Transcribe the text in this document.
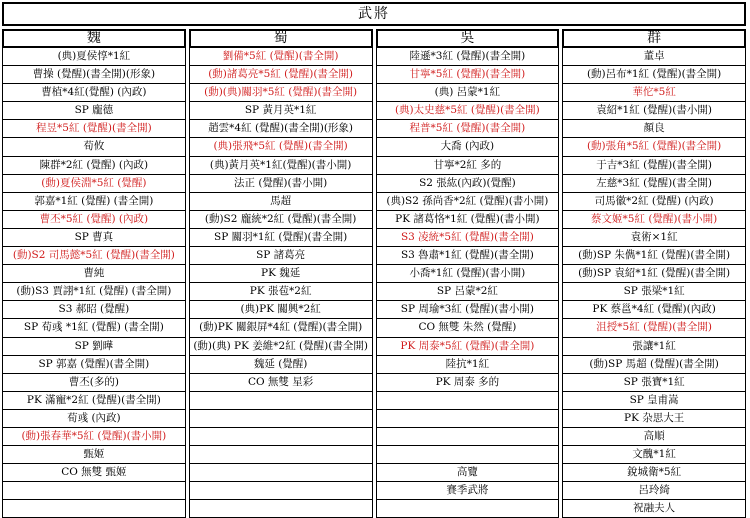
武將
魏
(典)夏侯惇*1紅
曹操 (覺醒)(書全開)(形象)
曹植*4紅(覺醒) (內政)
SP 龐德
程昱*5紅 (覺醒)(書全開)
荀攸
陳群*2紅 (覺醒) (內政)
(動)夏侯淵*5紅 (覺醒)
郭嘉*1紅 (覺醒) (書全開)
曹丕*5紅 (覺醒) (內政)
SP 曹真
(動)S2 司馬懿*5紅 (覺醒)(書全開)
曹純
(動)S3 賈詡*1紅 (覺醒) (書全開)
S3 郝昭 (覺醒)
SP 荀彧 *1紅 (覺醒) (書全開)
SP 劉曄
SP 郭嘉 (覺醒)(書全開)
曹丕(多的)
PK 滿寵*2紅 (覺醒)(書全開)
荀彧 (內政)
(動)張春華*5紅 (覺醒)(書小開)
甄姬
CO 無雙 甄姬
蜀
劉備*5紅 (覺醒)(書全開)
(動)諸葛亮*5紅 (覺醒)(書全開)
(動)(典)關羽*5紅 (覺醒)(書全開)
SP 黃月英*1紅
趙雲*4紅 (覺醒)(書全開)(形象)
(典)張飛*5紅 (覺醒)(書全開)
(典)黃月英*1紅(覺醒)(書小開)
法正 (覺醒)(書小開)
馬超
(動)S2 龐統*2紅 (覺醒)(書全開)
SP 關羽*1紅 (覺醒)(書全開)
SP 諸葛亮
PK 魏延
PK 張苞*2紅
(典)PK 關興*2紅
(動)PK 關銀屏*4紅 (覺醒)(書全開)
(動)(典) PK 姜維*2紅 (覺醒)(書全開)
魏延 (覺醒)
CO 無雙 星彩
吳
陸遜*3紅 (覺醒)(書全開)
甘寧*5紅 (覺醒)(書全開)
(典) 呂蒙*1紅
(典)太史慈*5紅 (覺醒)(書全開)
程普*5紅 (覺醒)(書全開)
大喬 (內政)
甘寧*2紅 多的
S2 張紘(內政)(覺醒)
(典)S2 孫尚香*2紅 (覺醒)(書小開)
PK 諸葛恪*1紅 (覺醒)(書小開)
S3 凌統*5紅 (覺醒)(書全開)
S3 魯肅*1紅 (覺醒)(書全開)
小喬*1紅 (覺醒)(書小開)
SP 呂蒙*2紅
SP 周瑜*3紅 (覺醒)(書小開)
CO 無雙 朱然 (覺醒)
PK 周泰*5紅 (覺醒)(書全開)
陸抗*1紅
PK 周泰 多的
高覽
賽季武將
群
董卓
(動)呂布*1紅 (覺醒)(書全開)
華佗*5紅
袁紹*1紅 (覺醒)(書小開)
顏良
(動)張角*5紅 (覺醒)(書全開)
于吉*3紅 (覺醒)(書全開)
左慈*3紅 (覺醒)(書全開)
司馬徽*2紅 (覺醒) (內政)
蔡文姬*5紅 (覺醒)(書小開)
袁術×1紅
(動)SP 朱儁*1紅 (覺醒)(書全開)
(動)SP 袁紹*1紅 (覺醒)(書全開)
SP 張梁*1紅
PK 蔡邕*4紅 (覺醒)(內政)
沮授*5紅 (覺醒)(書全開)
張讓*1紅
(動)SP 馬超 (覺醒)(書全開)
SP 張寶*1紅
SP 皇甫嵩
PK 杂思大王
高順
文醜*1紅
銳城衛*5紅
呂玲綺
祝融夫人
